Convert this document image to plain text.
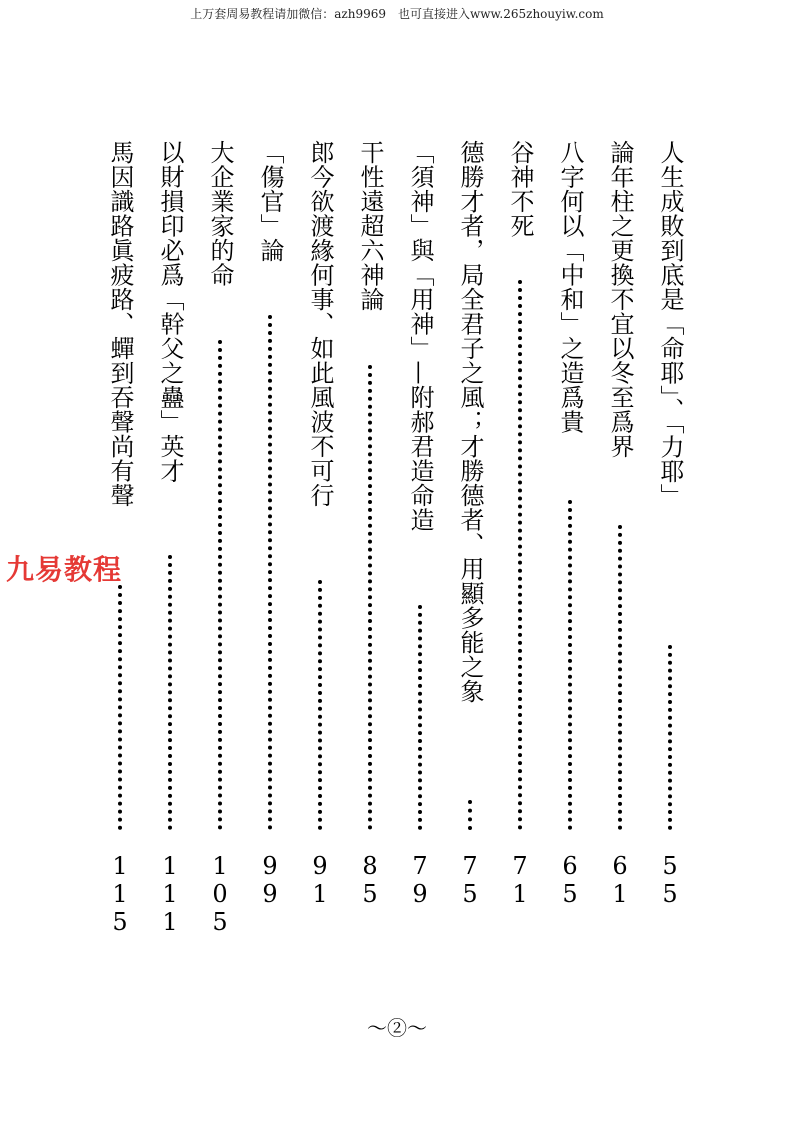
上万套周易教程请加微信：azh9969　也可直接进入www.265zhouyiw.com
人生成敗到底是「命耶」、「力耶」
55
論年柱之更換不宜以冬至爲界
61
八字何以「中和」之造爲貴
65
谷神不死
71
德勝才者，局全君子之風；才勝德者、用顯多能之象
75
「須神」與「用神」—附郝君造命造
79
干性遠超六神論
85
郎今欲渡緣何事、如此風波不可行
91
「傷官」論
99
大企業家的命
105
以財損印必爲「幹父之蠱」英才
111
馬因識路眞疲路、蟬到吞聲尚有聲
115
九易教程
～②～
